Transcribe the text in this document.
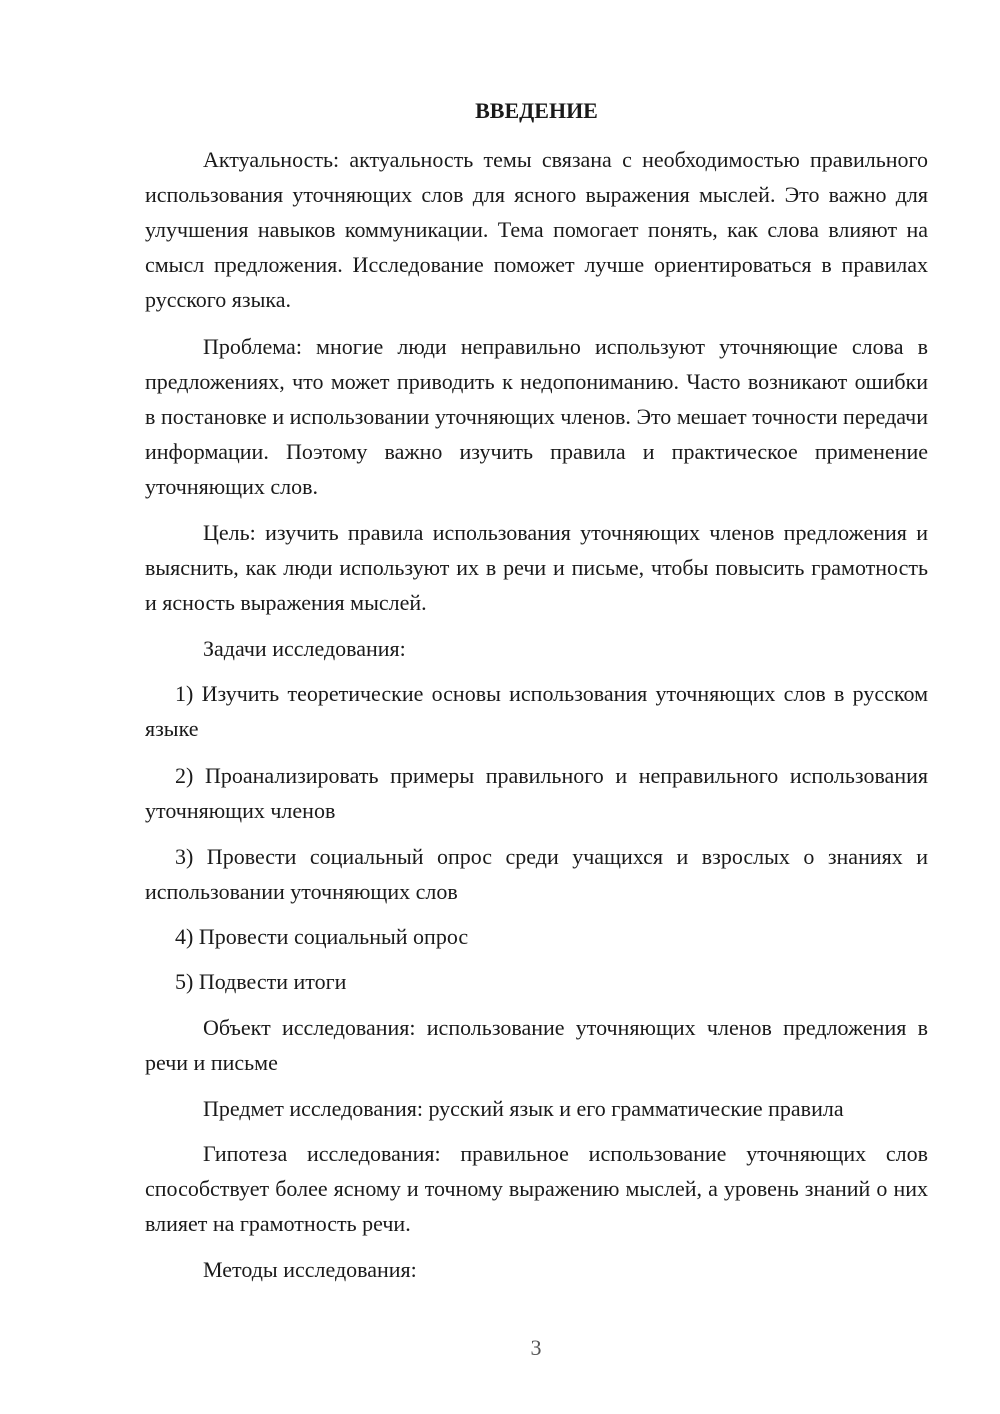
ВВЕДЕНИЕ

Актуальность: актуальность темы связана с необходимостью правильного использования уточняющих слов для ясного выражения мыслей. Это важно для улучшения навыков коммуникации. Тема помогает понять, как слова влияют на смысл предложения. Исследование поможет лучше ориентироваться в правилах русского языка.

Проблема: многие люди неправильно используют уточняющие слова в предложениях, что может приводить к недопониманию. Часто возникают ошибки в постановке и использовании уточняющих членов. Это мешает точности передачи информации. Поэтому важно изучить правила и практическое применение уточняющих слов.

Цель: изучить правила использования уточняющих членов предложения и выяснить, как люди используют их в речи и письме, чтобы повысить грамотность и ясность выражения мыслей.

Задачи исследования:

1) Изучить теоретические основы использования уточняющих слов в русском языке

2) Проанализировать примеры правильного и неправильного использования уточняющих членов

3) Провести социальный опрос среди учащихся и взрослых о знаниях и использовании уточняющих слов

4) Провести социальный опрос

5) Подвести итоги

Объект исследования: использование уточняющих членов предложения в речи и письме

Предмет исследования: русский язык и его грамматические правила

Гипотеза исследования: правильное использование уточняющих слов способствует более ясному и точному выражению мыслей, а уровень знаний о них влияет на грамотность речи.

Методы исследования:

3
